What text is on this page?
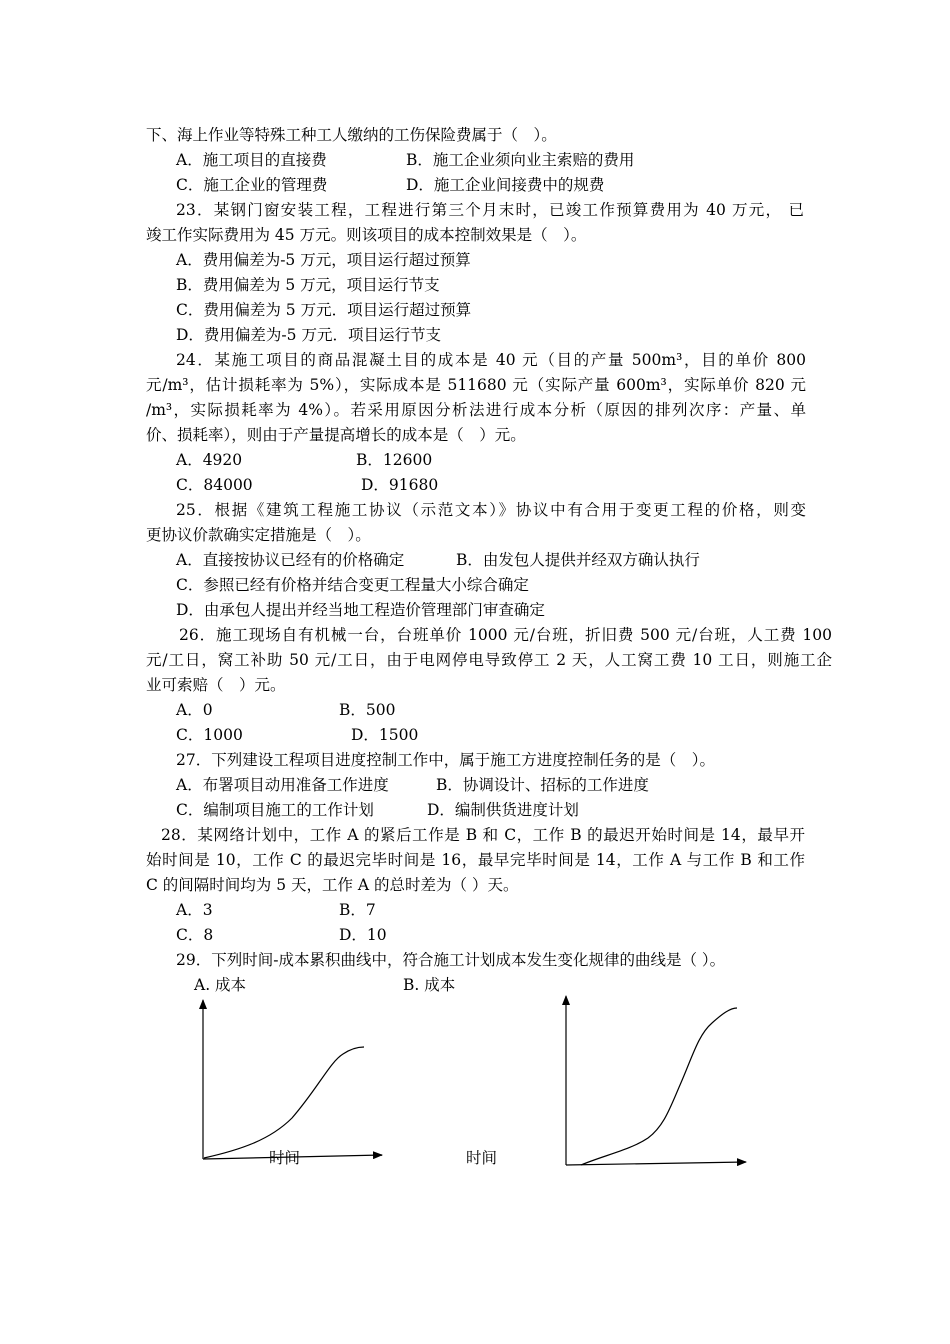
下、海上作业等特殊工种工人缴纳的工伤保险费属于（　）。
A．施工项目的直接费	B．施工企业须向业主索赔的费用
C．施工企业的管理费	D．施工企业间接费中的规费
23．某钢门窗安装工程，工程进行第三个月末时，已竣工作预算费用为 40 万元， 已
竣工作实际费用为 45 万元。则该项目的成本控制效果是（　）。
A．费用偏差为-5 万元，项目运行超过预算
B．费用偏差为 5 万元，项目运行节支
C．费用偏差为 5 万元．项目运行超过预算
D．费用偏差为-5 万元．项目运行节支
24．某施工项目的商品混凝土目的成本是 40 元（目的产量 500m³，目的单价 800
元/m³，估计损耗率为 5%），实际成本是 511680 元（实际产量 600m³，实际单价 820 元
/m³，实际损耗率为 4%）。若采用原因分析法进行成本分析（原因的排列次序：产量、单
价、损耗率），则由于产量提高增长的成本是（　）元。
A．4920	B．12600
C．84000	D．91680
25．根据《建筑工程施工协议（示范文本）》协议中有合用于变更工程的价格，则变
更协议价款确实定措施是（　）。
A．直接按协议已经有的价格确定	B．由发包人提供并经双方确认执行
C．参照已经有价格并结合变更工程量大小综合确定
D．由承包人提出并经当地工程造价管理部门审查确定
26．施工现场自有机械一台，台班单价 1000 元/台班，折旧费 500 元/台班，人工费 100
元/工日，窝工补助 50 元/工日，由于电网停电导致停工 2 天，人工窝工费 10 工日，则施工企
业可索赔（　）元。
A．0	B．500
C．1000	D．1500
27．下列建设工程项目进度控制工作中，属于施工方进度控制任务的是（　）。
A．布署项目动用准备工作进度	B．协调设计、招标的工作进度
C．编制项目施工的工作计划	D．编制供货进度计划
28．某网络计划中，工作 A 的紧后工作是 B 和 C，工作 B 的最迟开始时间是 14，最早开
始时间是 10，工作 C 的最迟完毕时间是 16，最早完毕时间是 14，工作 A 与工作 B 和工作
C 的间隔时间均为 5 天，工作 A 的总时差为（ ）天。
A．3	B．7
C．8	D．10
29．下列时间-成本累积曲线中，符合施工计划成本发生变化规律的曲线是（ ）。
A. 成本	B. 成本
时间	时间
